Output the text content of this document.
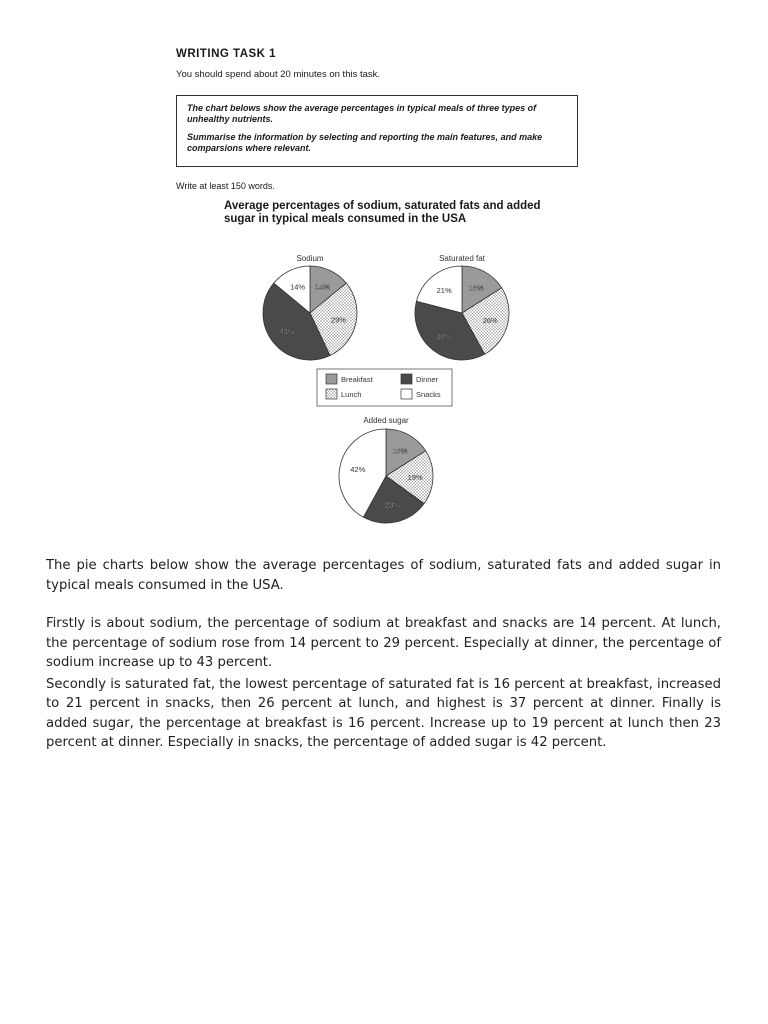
WRITING TASK 1

You should spend about 20 minutes on this task.

The chart belows show the average percentages in typical meals of three types of unhealthy nutrients.

Summarise the information by selecting and reporting the main features, and make comparsions where relevant.

Write at least 150 words.

Average percentages of sodium, saturated fats and added sugar in typical meals consumed in the USA

Sodium
14%
29%
43%
14%
Saturated fat
16%
26%
37%
21%
Added sugar
16%
19%
23%
42%
Breakfast
Lunch
Dinner
Snacks

The pie charts below show the average percentages of sodium, saturated fats and added sugar in typical meals consumed in the USA.

Firstly is about sodium, the percentage of sodium at breakfast and snacks are 14 percent. At lunch, the percentage of sodium rose from 14 percent to 29 percent. Especially at dinner, the percentage of sodium increase up to 43 percent.

Secondly is saturated fat, the lowest percentage of saturated fat is 16 percent at breakfast, increased to 21 percent in snacks, then 26 percent at lunch, and highest is 37 percent at dinner. Finally is added sugar, the percentage at breakfast is 16 percent. Increase up to 19 percent at lunch then 23 percent at dinner. Especially in snacks, the percentage of added sugar is 42 percent.
